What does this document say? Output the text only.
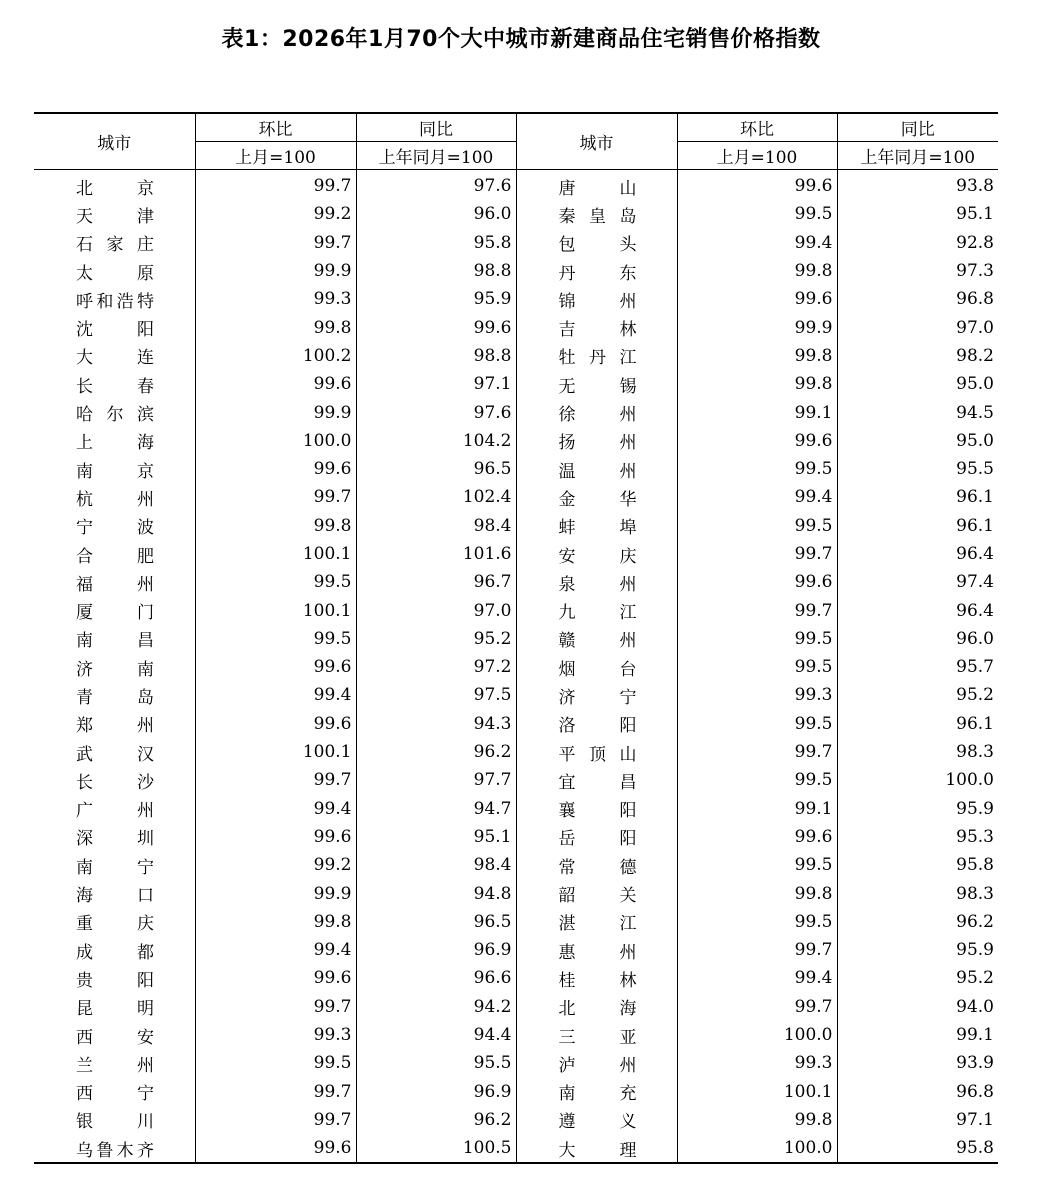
表1：2026年1月70个大中城市新建商品住宅销售价格指数
城市	环比	同比	城市	环比	同比
	上月=100	上年同月=100		上月=100	上年同月=100
北 京	99.7	97.6	唐 山	99.6	93.8
天 津	99.2	96.0	秦 皇 岛	99.5	95.1
石 家 庄	99.7	95.8	包 头	99.4	92.8
太 原	99.9	98.8	丹 东	99.8	97.3
呼 和 浩 特	99.3	95.9	锦 州	99.6	96.8
沈 阳	99.8	99.6	吉 林	99.9	97.0
大 连	100.2	98.8	牡 丹 江	99.8	98.2
长 春	99.6	97.1	无 锡	99.8	95.0
哈 尔 滨	99.9	97.6	徐 州	99.1	94.5
上 海	100.0	104.2	扬 州	99.6	95.0
南 京	99.6	96.5	温 州	99.5	95.5
杭 州	99.7	102.4	金 华	99.4	96.1
宁 波	99.8	98.4	蚌 埠	99.5	96.1
合 肥	100.1	101.6	安 庆	99.7	96.4
福 州	99.5	96.7	泉 州	99.6	97.4
厦 门	100.1	97.0	九 江	99.7	96.4
南 昌	99.5	95.2	赣 州	99.5	96.0
济 南	99.6	97.2	烟 台	99.5	95.7
青 岛	99.4	97.5	济 宁	99.3	95.2
郑 州	99.6	94.3	洛 阳	99.5	96.1
武 汉	100.1	96.2	平 顶 山	99.7	98.3
长 沙	99.7	97.7	宜 昌	99.5	100.0
广 州	99.4	94.7	襄 阳	99.1	95.9
深 圳	99.6	95.1	岳 阳	99.6	95.3
南 宁	99.2	98.4	常 德	99.5	95.8
海 口	99.9	94.8	韶 关	99.8	98.3
重 庆	99.8	96.5	湛 江	99.5	96.2
成 都	99.4	96.9	惠 州	99.7	95.9
贵 阳	99.6	96.6	桂 林	99.4	95.2
昆 明	99.7	94.2	北 海	99.7	94.0
西 安	99.3	94.4	三 亚	100.0	99.1
兰 州	99.5	95.5	泸 州	99.3	93.9
西 宁	99.7	96.9	南 充	100.1	96.8
银 川	99.7	96.2	遵 义	99.8	97.1
乌 鲁 木 齐	99.6	100.5	大 理	100.0	95.8
